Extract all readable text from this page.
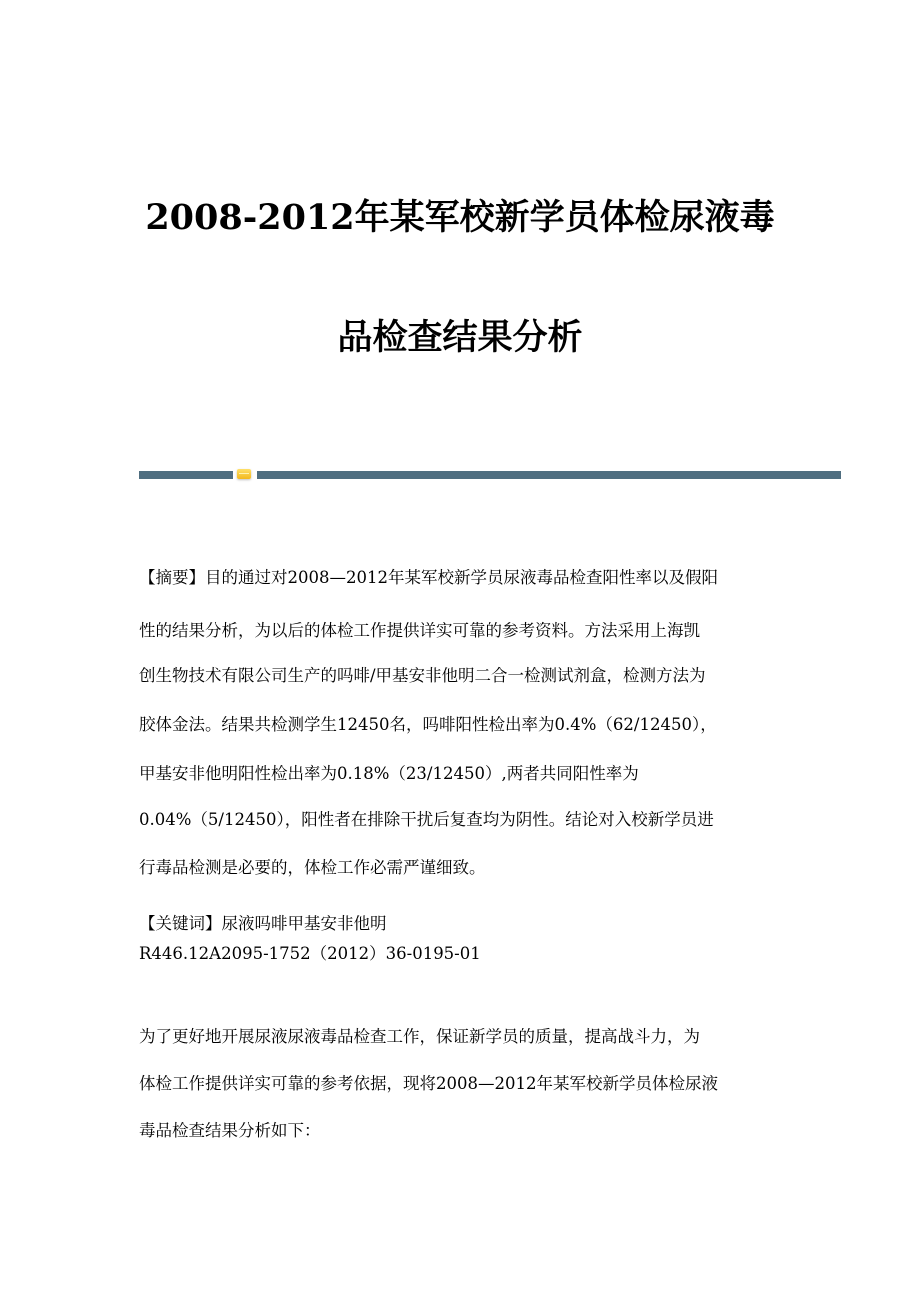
2008-2012年某军校新学员体检尿液毒
品检查结果分析
【摘要】目的通过对2008—2012年某军校新学员尿液毒品检查阳性率以及假阳
性的结果分析，为以后的体检工作提供详实可靠的参考资料。方法采用上海凯
创生物技术有限公司生产的吗啡/甲基安非他明二合一检测试剂盒，检测方法为
胶体金法。结果共检测学生12450名，吗啡阳性检出率为0.4%（62/12450），
甲基安非他明阳性检出率为0.18%（23/12450）,两者共同阳性率为
0.04%（5/12450），阳性者在排除干扰后复查均为阴性。结论对入校新学员进
行毒品检测是必要的，体检工作必需严谨细致。
【关键词】尿液吗啡甲基安非他明
R446.12A2095-1752（2012）36-0195-01
为了更好地开展尿液尿液毒品检查工作，保证新学员的质量，提高战斗力，为
体检工作提供详实可靠的参考依据，现将2008—2012年某军校新学员体检尿液
毒品检查结果分析如下：
